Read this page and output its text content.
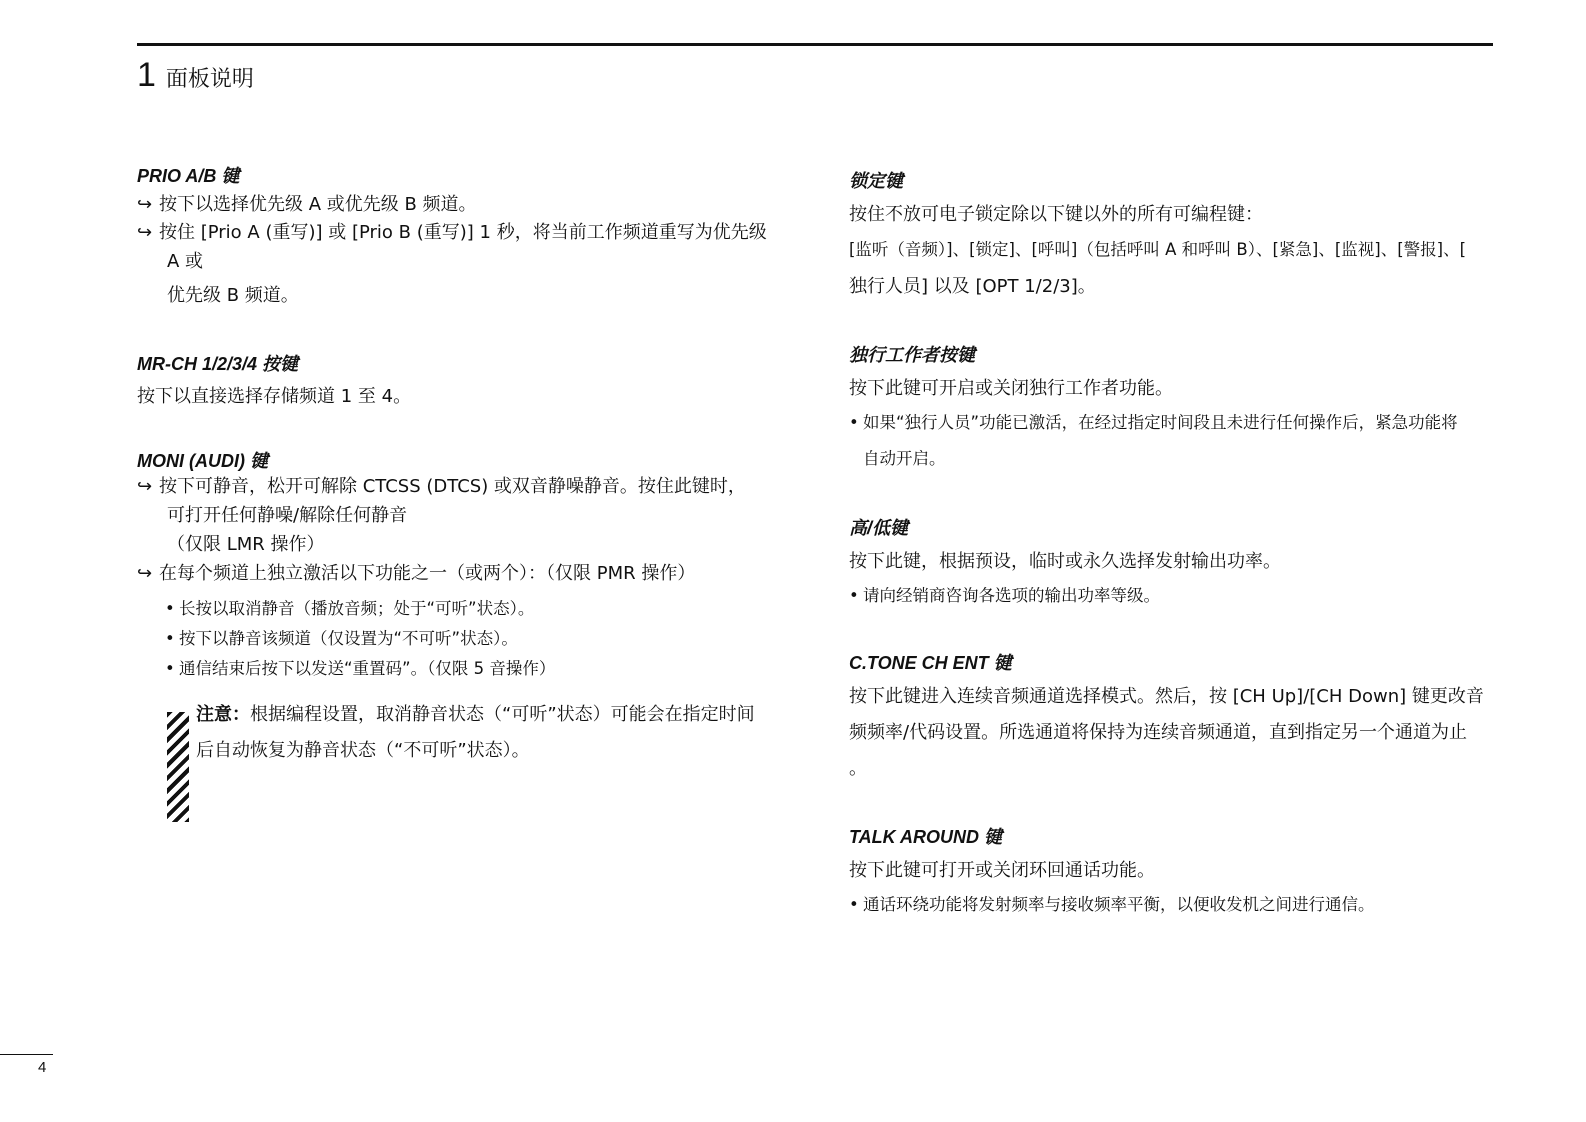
1 面板说明
PRIO A/B 键
↪ 按下以选择优先级 A 或优先级 B 频道。
↪ 按住 [Prio A (重写)] 或 [Prio B (重写)] 1 秒，将当前工作频道重写为优先级
A 或
优先级 B 频道。
MR-CH 1/2/3/4 按键
按下以直接选择存储频道 1 至 4。
MONI (AUDI) 键
↪ 按下可静音，松开可解除 CTCSS (DTCS) 或双音静噪静音。按住此键时，
可打开任何静噪/解除任何静音
（仅限 LMR 操作）
↪ 在每个频道上独立激活以下功能之一（或两个）：（仅限 PMR 操作）
• 长按以取消静音（播放音频；处于“可听”状态）。
• 按下以静音该频道（仅设置为“不可听”状态）。
• 通信结束后按下以发送“重置码”。（仅限 5 音操作）
注意：根据编程设置，取消静音状态（“可听”状态）可能会在指定时间
后自动恢复为静音状态（“不可听”状态）。
锁定键
按住不放可电子锁定除以下键以外的所有可编程键：
[监听（音频）]、[锁定]、[呼叫]（包括呼叫 A 和呼叫 B）、[紧急]、[监视]、[警报]、[
独行人员] 以及 [OPT 1/2/3]。
独行工作者按键
按下此键可开启或关闭独行工作者功能。
• 如果“独行人员”功能已激活，在经过指定时间段且未进行任何操作后，紧急功能将
自动开启。
高/低键
按下此键，根据预设，临时或永久选择发射输出功率。
• 请向经销商咨询各选项的输出功率等级。
C.TONE CH ENT 键
按下此键进入连续音频通道选择模式。然后，按 [CH Up]/[CH Down] 键更改音
频频率/代码设置。所选通道将保持为连续音频通道，直到指定另一个通道为止
。
TALK AROUND 键
按下此键可打开或关闭环回通话功能。
• 通话环绕功能将发射频率与接收频率平衡，以便收发机之间进行通信。
4
